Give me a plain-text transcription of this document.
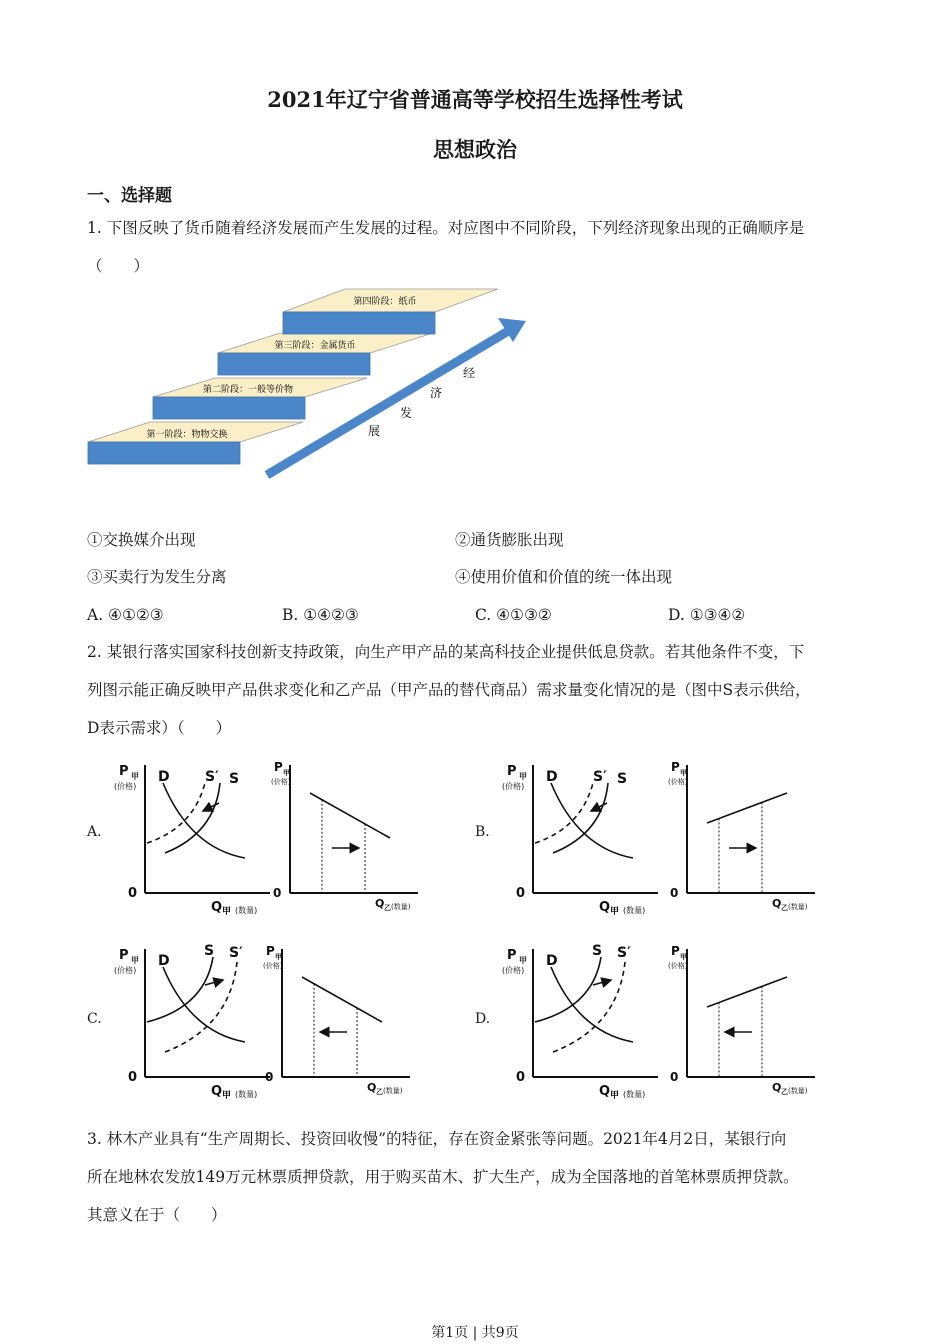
2021年辽宁省普通高等学校招生选择性考试
思想政治
一、选择题
1. 下图反映了货币随着经济发展而产生发展的过程。对应图中不同阶段，下列经济现象出现的正确顺序是
（　　）
第一阶段：物物交换
第二阶段：一般等价物
第三阶段：金属货币
第四阶段：纸币
经
济
发
展
①交换媒介出现	②通货膨胀出现
③买卖行为发生分离	④使用价值和价值的统一体出现
A. ④①②③	B. ①④②③	C. ④①③②	D. ①③④②
2. 某银行落实国家科技创新支持政策，向生产甲产品的某高科技企业提供低息贷款。若其他条件不变，下
列图示能正确反映甲产品供求变化和乙产品（甲产品的替代商品）需求量变化情况的是（图中S表示供给，
D表示需求）（　　）
A.	B.
C.	D.
P 甲
(价格)
0
Q 甲 (数量)
D	S′ S
P 甲
(价格)
0
Q 乙 (数量)
P 甲
(价格)
0
Q 甲 (数量)
D	S′ S
P 甲
(价格)
0
Q 乙 (数量)
P 甲
(价格)
0
Q 甲 (数量)
D
S S′ P 甲
(价格)
0
Q 乙 (数量)
P 甲
(价格)
0
Q 甲 (数量)
D
S S′	P 甲
(价格)
0
Q 乙 (数量)
3. 林木产业具有“生产周期长、投资回收慢”的特征，存在资金紧张等问题。2021年4月2日，某银行向
所在地林农发放149万元林票质押贷款，用于购买苗木、扩大生产，成为全国落地的首笔林票质押贷款。
其意义在于（　　）
第1页 | 共9页
